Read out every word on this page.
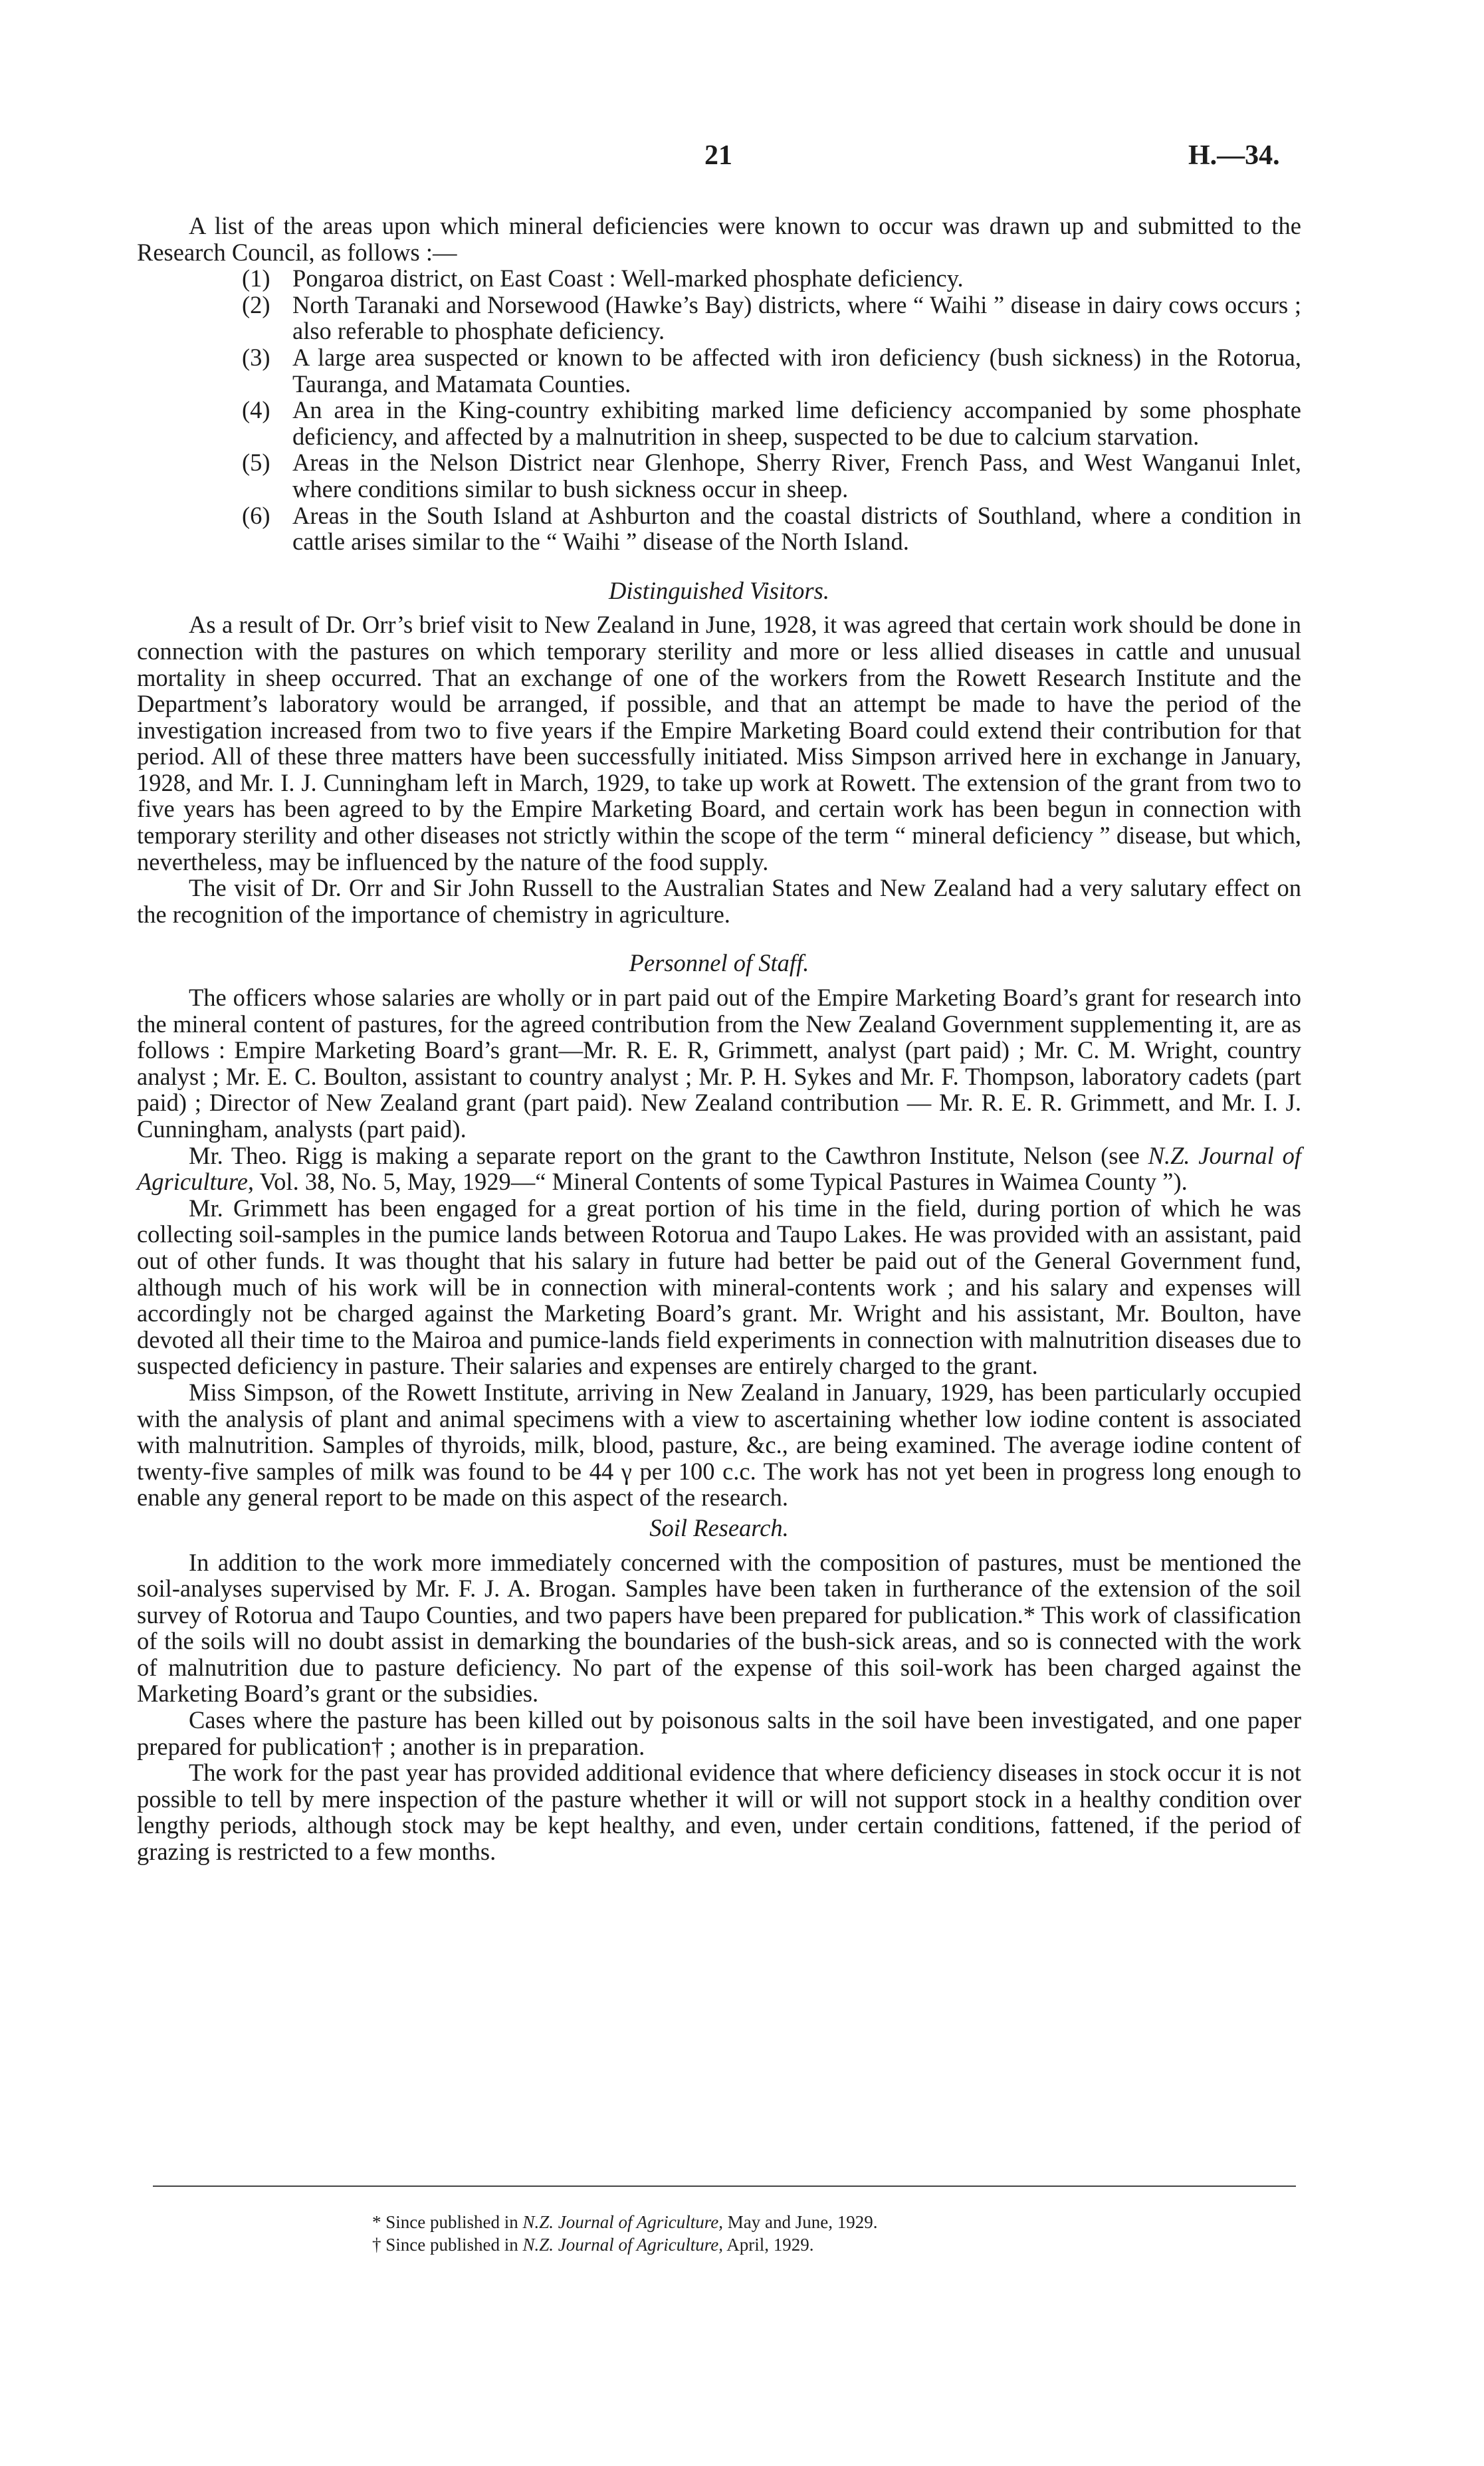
21	H.—34.

A list of the areas upon which mineral deficiencies were known to occur was drawn up and submitted to the Research Council, as follows :—

(1) Pongaroa district, on East Coast : Well-marked phosphate deficiency.
(2) North Taranaki and Norsewood (Hawke’s Bay) districts, where “ Waihi ” disease in dairy cows occurs ; also referable to phosphate deficiency.
(3) A large area suspected or known to be affected with iron deficiency (bush sickness) in the Rotorua, Tauranga, and Matamata Counties.
(4) An area in the King-country exhibiting marked lime deficiency accompanied by some phosphate deficiency, and affected by a malnutrition in sheep, suspected to be due to calcium starvation.
(5) Areas in the Nelson District near Glenhope, Sherry River, French Pass, and West Wanganui Inlet, where conditions similar to bush sickness occur in sheep.
(6) Areas in the South Island at Ashburton and the coastal districts of Southland, where a condition in cattle arises similar to the “ Waihi ” disease of the North Island.
Distinguished Visitors.

As a result of Dr. Orr’s brief visit to New Zealand in June, 1928, it was agreed that certain work should be done in connection with the pastures on which temporary sterility and more or less allied diseases in cattle and unusual mortality in sheep occurred. That an exchange of one of the workers from the Rowett Research Institute and the Department’s laboratory would be arranged, if possible, and that an attempt be made to have the period of the investigation increased from two to five years if the Empire Marketing Board could extend their contribution for that period. All of these three matters have been successfully initiated. Miss Simpson arrived here in exchange in January, 1928, and Mr. I. J. Cunningham left in March, 1929, to take up work at Rowett. The extension of the grant from two to five years has been agreed to by the Empire Marketing Board, and certain work has been begun in connection with temporary sterility and other diseases not strictly within the scope of the term “ mineral deficiency ” disease, but which, nevertheless, may be influenced by the nature of the food supply.

The visit of Dr. Orr and Sir John Russell to the Australian States and New Zealand had a very salutary effect on the recognition of the importance of chemistry in agriculture.

Personnel of Staff.

The officers whose salaries are wholly or in part paid out of the Empire Marketing Board’s grant for research into the mineral content of pastures, for the agreed contribution from the New Zealand Government supplementing it, are as follows : Empire Marketing Board’s grant—Mr. R. E. R, Grimmett, analyst (part paid) ; Mr. C. M. Wright, country analyst ; Mr. E. C. Boulton, assistant to country analyst ; Mr. P. H. Sykes and Mr. F. Thompson, laboratory cadets (part paid) ; Director of New Zealand grant (part paid). New Zealand contribution — Mr. R. E. R. Grimmett, and Mr. I. J. Cunningham, analysts (part paid).

Mr. Theo. Rigg is making a separate report on the grant to the Cawthron Institute, Nelson (see N.Z. Journal of Agriculture, Vol. 38, No. 5, May, 1929—“ Mineral Contents of some Typical Pastures in Waimea County ”).

Mr. Grimmett has been engaged for a great portion of his time in the field, during portion of which he was collecting soil-samples in the pumice lands between Rotorua and Taupo Lakes. He was provided with an assistant, paid out of other funds. It was thought that his salary in future had better be paid out of the General Government fund, although much of his work will be in connection with mineral-contents work ; and his salary and expenses will accordingly not be charged against the Marketing Board’s grant. Mr. Wright and his assistant, Mr. Boulton, have devoted all their time to the Mairoa and pumice-lands field experiments in connection with malnutrition diseases due to suspected deficiency in pasture. Their salaries and expenses are entirely charged to the grant.

Miss Simpson, of the Rowett Institute, arriving in New Zealand in January, 1929, has been particularly occupied with the analysis of plant and animal specimens with a view to ascertaining whether low iodine content is associated with malnutrition. Samples of thyroids, milk, blood, pasture, &c., are being examined. The average iodine content of twenty-five samples of milk was found to be 44 γ per 100 c.c. The work has not yet been in progress long enough to enable any general report to be made on this aspect of the research.

Soil Research.

In addition to the work more immediately concerned with the composition of pastures, must be mentioned the soil-analyses supervised by Mr. F. J. A. Brogan. Samples have been taken in furtherance of the extension of the soil survey of Rotorua and Taupo Counties, and two papers have been prepared for publication.* This work of classification of the soils will no doubt assist in demarking the boundaries of the bush-sick areas, and so is connected with the work of malnutrition due to pasture deficiency. No part of the expense of this soil-work has been charged against the Marketing Board’s grant or the subsidies.

Cases where the pasture has been killed out by poisonous salts in the soil have been investigated, and one paper prepared for publication† ; another is in preparation.

The work for the past year has provided additional evidence that where deficiency diseases in stock occur it is not possible to tell by mere inspection of the pasture whether it will or will not support stock in a healthy condition over lengthy periods, although stock may be kept healthy, and even, under certain conditions, fattened, if the period of grazing is restricted to a few months.

* Since published in N.Z. Journal of Agriculture, May and June, 1929.
† Since published in N.Z. Journal of Agriculture, April, 1929.
